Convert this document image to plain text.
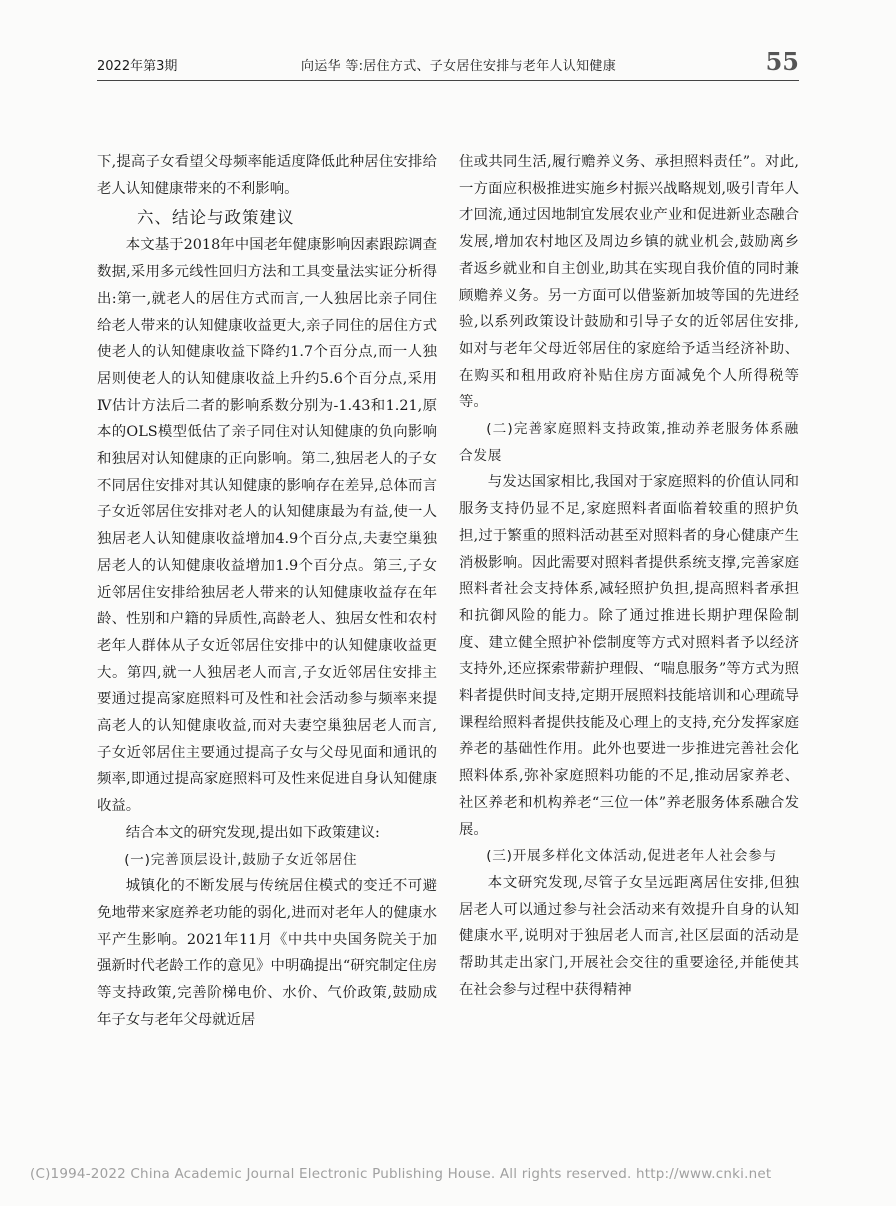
2022年第3期	向运华 等:居住方式、子女居住安排与老年人认知健康	55

下,提高子女看望父母频率能适度降低此种居住安排给老人认知健康带来的不利影响。

六、结论与政策建议

本文基于2018年中国老年健康影响因素跟踪调查数据,采用多元线性回归方法和工具变量法实证分析得出:第一,就老人的居住方式而言,一人独居比亲子同住给老人带来的认知健康收益更大,亲子同住的居住方式使老人的认知健康收益下降约1.7个百分点,而一人独居则使老人的认知健康收益上升约5.6个百分点,采用Ⅳ估计方法后二者的影响系数分别为-1.43和1.21,原本的OLS模型低估了亲子同住对认知健康的负向影响和独居对认知健康的正向影响。第二,独居老人的子女不同居住安排对其认知健康的影响存在差异,总体而言子女近邻居住安排对老人的认知健康最为有益,使一人独居老人认知健康收益增加4.9个百分点,夫妻空巢独居老人的认知健康收益增加1.9个百分点。第三,子女近邻居住安排给独居老人带来的认知健康收益存在年龄、性别和户籍的异质性,高龄老人、独居女性和农村老年人群体从子女近邻居住安排中的认知健康收益更大。第四,就一人独居老人而言,子女近邻居住安排主要通过提高家庭照料可及性和社会活动参与频率来提高老人的认知健康收益,而对夫妻空巢独居老人而言,子女近邻居住主要通过提高子女与父母见面和通讯的频率,即通过提高家庭照料可及性来促进自身认知健康收益。

结合本文的研究发现,提出如下政策建议:

(一)完善顶层设计,鼓励子女近邻居住

城镇化的不断发展与传统居住模式的变迁不可避免地带来家庭养老功能的弱化,进而对老年人的健康水平产生影响。2021年11月《中共中央国务院关于加强新时代老龄工作的意见》中明确提出“研究制定住房等支持政策,完善阶梯电价、水价、气价政策,鼓励成年子女与老年父母就近居

住或共同生活,履行赡养义务、承担照料责任”。对此,一方面应积极推进实施乡村振兴战略规划,吸引青年人才回流,通过因地制宜发展农业产业和促进新业态融合发展,增加农村地区及周边乡镇的就业机会,鼓励离乡者返乡就业和自主创业,助其在实现自我价值的同时兼顾赡养义务。另一方面可以借鉴新加坡等国的先进经验,以系列政策设计鼓励和引导子女的近邻居住安排,如对与老年父母近邻居住的家庭给予适当经济补助、在购买和租用政府补贴住房方面减免个人所得税等等。

(二)完善家庭照料支持政策,推动养老服务体系融合发展

与发达国家相比,我国对于家庭照料的价值认同和服务支持仍显不足,家庭照料者面临着较重的照护负担,过于繁重的照料活动甚至对照料者的身心健康产生消极影响。因此需要对照料者提供系统支撑,完善家庭照料者社会支持体系,减轻照护负担,提高照料者承担和抗御风险的能力。除了通过推进长期护理保险制度、建立健全照护补偿制度等方式对照料者予以经济支持外,还应探索带薪护理假、“喘息服务”等方式为照料者提供时间支持,定期开展照料技能培训和心理疏导课程给照料者提供技能及心理上的支持,充分发挥家庭养老的基础性作用。此外也要进一步推进完善社会化照料体系,弥补家庭照料功能的不足,推动居家养老、社区养老和机构养老“三位一体”养老服务体系融合发展。

(三)开展多样化文体活动,促进老年人社会参与

本文研究发现,尽管子女呈远距离居住安排,但独居老人可以通过参与社会活动来有效提升自身的认知健康水平,说明对于独居老人而言,社区层面的活动是帮助其走出家门,开展社会交往的重要途径,并能使其在社会参与过程中获得精神

(C)1994-2022 China Academic Journal Electronic Publishing House. All rights reserved. http://www.cnki.net
